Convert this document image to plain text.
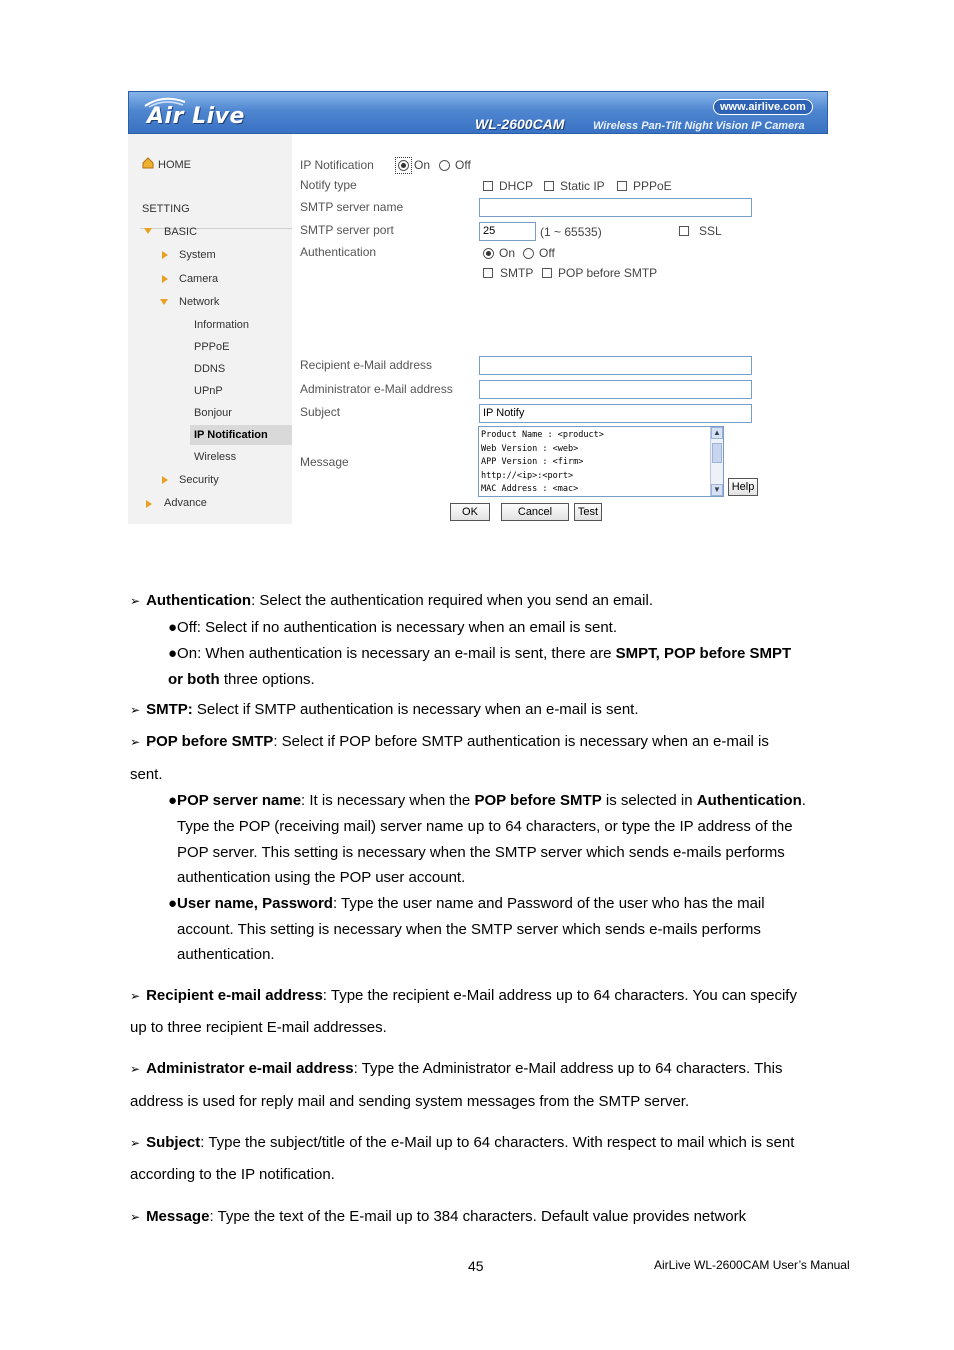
Air Live	www.airlive.com
WL-2600CAM	Wireless Pan-Tilt Night Vision IP Camera
HOME
SETTING
BASIC
System
Camera
Network
Information
PPPoE
DDNS
UPnP
Bonjour
IP Notification
Wireless
Security
Advance
IP Notification	On Off
Notify type	DHCP Static IP PPPoE
SMTP server name
SMTP server port	25	(1 ~ 65535)	SSL
Authentication	On Off
SMTP POP before SMTP
Recipient e-Mail address
Administrator e-Mail address
Subject	IP Notify
Message
Product Name : <product>
Web Version : <web>
APP Version : <firm>
http://<ip>:<port>
MAC Address : <mac>
▲
▼ Help
OK	Cancel	Test
➢ Authentication: Select the authentication required when you send an email.
●Off: Select if no authentication is necessary when an email is sent.
●On: When authentication is necessary an e-mail is sent, there are SMPT, POP before SMPT
or both three options.
➢ SMTP: Select if SMTP authentication is necessary when an e-mail is sent.
➢ POP before SMTP: Select if POP before SMTP authentication is necessary when an e-mail is
sent.
●POP server name: It is necessary when the POP before SMTP is selected in Authentication.
Type the POP (receiving mail) server name up to 64 characters, or type the IP address of the
POP server. This setting is necessary when the SMTP server which sends e-mails performs
authentication using the POP user account.
●User name, Password: Type the user name and Password of the user who has the mail
account. This setting is necessary when the SMTP server which sends e-mails performs
authentication.
➢ Recipient e-mail address: Type the recipient e-Mail address up to 64 characters. You can specify
up to three recipient E-mail addresses.
➢ Administrator e-mail address: Type the Administrator e-Mail address up to 64 characters. This
address is used for reply mail and sending system messages from the SMTP server.
➢ Subject: Type the subject/title of the e-Mail up to 64 characters. With respect to mail which is sent
according to the IP notification.
➢ Message: Type the text of the E-mail up to 384 characters. Default value provides network
45	AirLive WL-2600CAM User’s Manual
